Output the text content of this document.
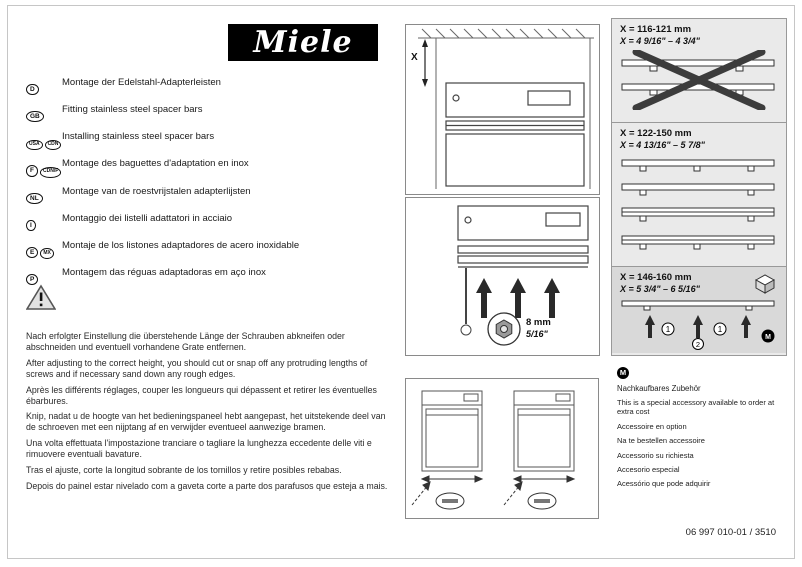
Miele
D
Montage der Edelstahl-Adapterleisten
GB
Fitting stainless steel spacer bars
USA CDN
Installing stainless steel spacer bars
F CDN/F
Montage des baguettes d'adaptation en inox
NL
Montage van de roestvrijstalen adapterlijsten
I
Montaggio dei listelli adattatori in acciaio
E MX
Montaje de los listones adaptadores de acero inoxidable
P
Montagem das réguas adaptadoras em aço inox

Nach erfolgter Einstellung die überstehende Länge der Schrauben abkneifen oder abschneiden und eventuell vorhandene Grate entfernen.

After adjusting to the correct height, you should cut or snap off any protruding lengths of screws and if necessary sand down any rough edges.

Après les différents réglages, couper les longueurs qui dépassent et retirer les éventuelles ébarbures.

Knip, nadat u de hoogte van het bedieningspaneel hebt aangepast, het uitstekende deel van de schroeven met een nijptang af en verwijder eventueel aanwezige bramen.

Una volta effettuata l'impostazione tranciare o tagliare la lunghezza eccedente delle viti e rimuovere eventuali bavature.

Tras el ajuste, corte la longitud sobrante de los tornillos y retire posibles rebabas.

Depois do painel estar nivelado com a gaveta corte a parte dos parafusos que esteja a mais.

X
8 mm
5/16"
X = 116-121 mm
X = 4 9/16" – 4 3/4"
X = 122-150 mm
X = 4 13/16" – 5 7/8"
X = 146-160 mm
X = 5 3/4" – 6 5/16"
1	1
M
2
M
Nachkaufbares Zubehör
This is a special accessory available to order at extra cost
Accessoire en option
Na te bestellen accessoire
Accessorio su richiesta
Accesorio especial
Acessório que pode adquirir
06 997 010-01 / 3510
